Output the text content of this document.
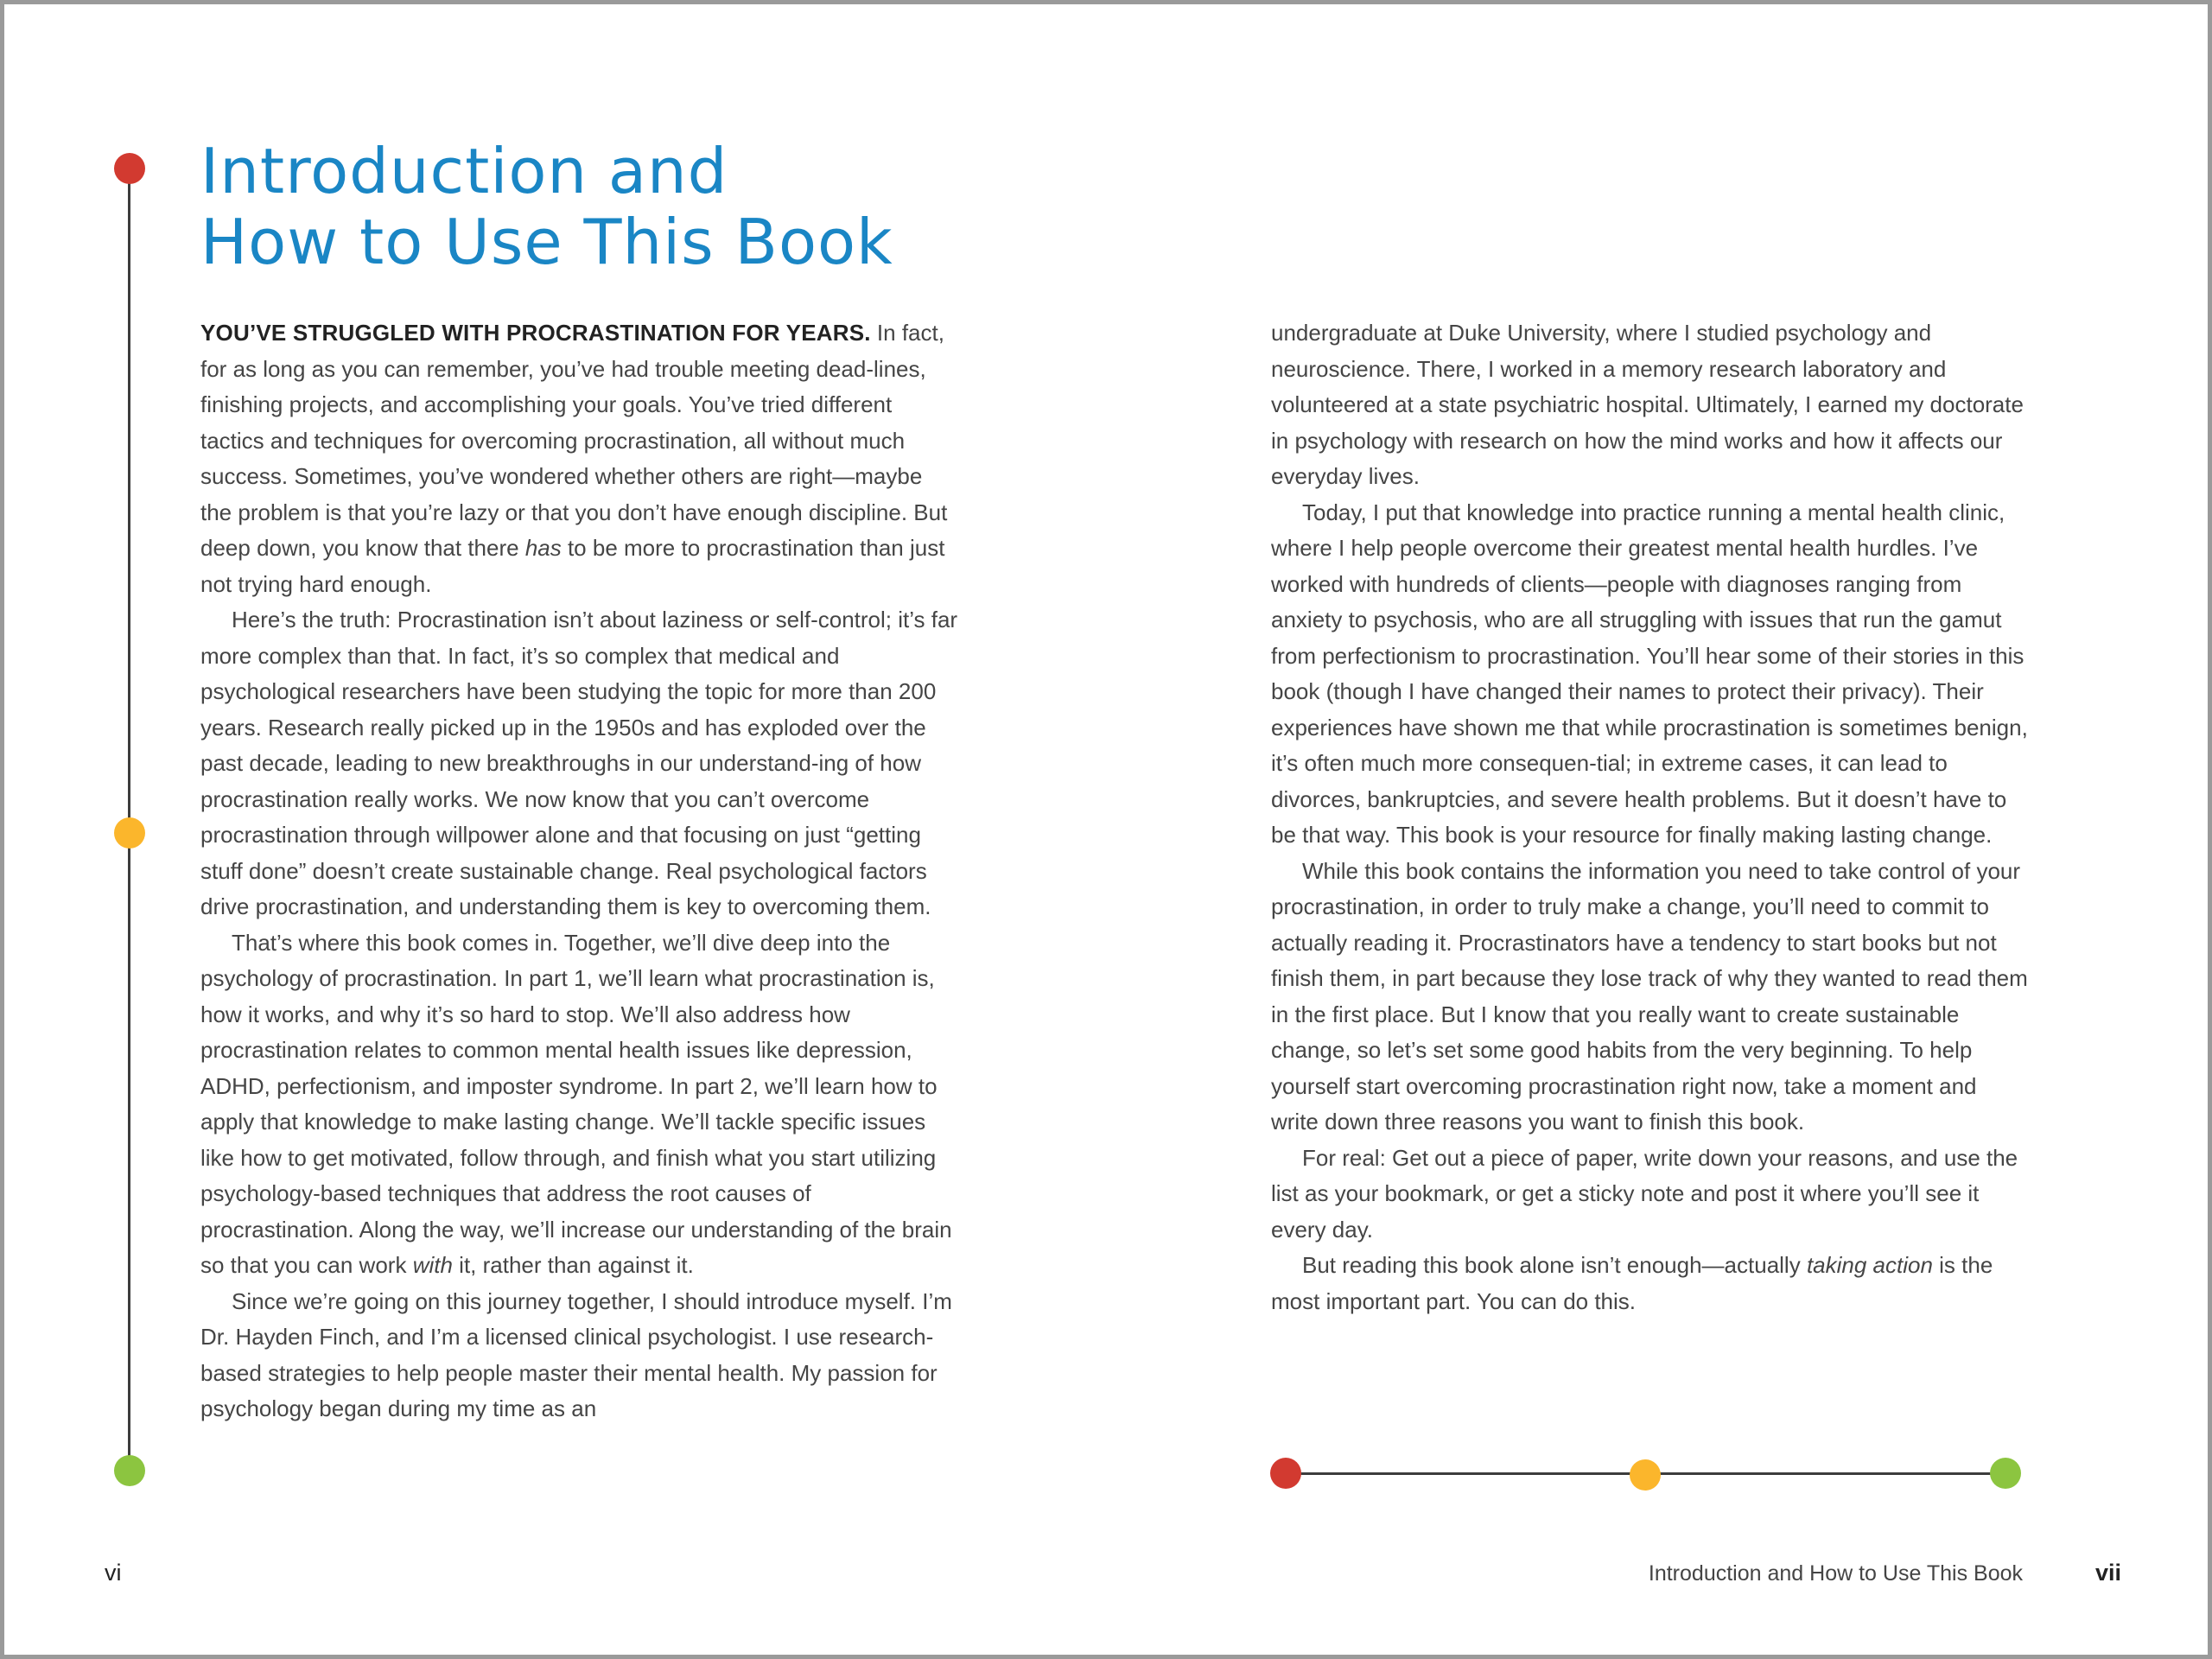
Introduction and
How to Use This Book

YOU’VE STRUGGLED WITH PROCRASTINATION FOR YEARS. In fact, for as long as you can remember, you’ve had trouble meeting dead-lines, finishing projects, and accomplishing your goals. You’ve tried different tactics and techniques for overcoming procrastination, all without much success. Sometimes, you’ve wondered whether others are right—maybe the problem is that you’re lazy or that you don’t have enough discipline. But deep down, you know that there has to be more to procrastination than just not trying hard enough.

Here’s the truth: Procrastination isn’t about laziness or self-control; it’s far more complex than that. In fact, it’s so complex that medical and psychological researchers have been studying the topic for more than 200 years. Research really picked up in the 1950s and has exploded over the past decade, leading to new breakthroughs in our understand-ing of how procrastination really works. We now know that you can’t overcome procrastination through willpower alone and that focusing on just “getting stuff done” doesn’t create sustainable change. Real psychological factors drive procrastination, and understanding them is key to overcoming them.

That’s where this book comes in. Together, we’ll dive deep into the psychology of procrastination. In part 1, we’ll learn what procrastination is, how it works, and why it’s so hard to stop. We’ll also address how procrastination relates to common mental health issues like depression, ADHD, perfectionism, and imposter syndrome. In part 2, we’ll learn how to apply that knowledge to make lasting change. We’ll tackle specific issues like how to get motivated, follow through, and finish what you start utilizing psychology-based techniques that address the root causes of procrastination. Along the way, we’ll increase our understanding of the brain so that you can work with it, rather than against it.

Since we’re going on this journey together, I should introduce myself. I’m Dr. Hayden Finch, and I’m a licensed clinical psychologist. I use research-based strategies to help people master their mental health. My passion for psychology began during my time as an

undergraduate at Duke University, where I studied psychology and neuroscience. There, I worked in a memory research laboratory and volunteered at a state psychiatric hospital. Ultimately, I earned my doctorate in psychology with research on how the mind works and how it affects our everyday lives.

Today, I put that knowledge into practice running a mental health clinic, where I help people overcome their greatest mental health hurdles. I’ve worked with hundreds of clients—people with diagnoses ranging from anxiety to psychosis, who are all struggling with issues that run the gamut from perfectionism to procrastination. You’ll hear some of their stories in this book (though I have changed their names to protect their privacy). Their experiences have shown me that while procrastination is sometimes benign, it’s often much more consequen-tial; in extreme cases, it can lead to divorces, bankruptcies, and severe health problems. But it doesn’t have to be that way. This book is your resource for finally making lasting change.

While this book contains the information you need to take control of your procrastination, in order to truly make a change, you’ll need to commit to actually reading it. Procrastinators have a tendency to start books but not finish them, in part because they lose track of why they wanted to read them in the first place. But I know that you really want to create sustainable change, so let’s set some good habits from the very beginning. To help yourself start overcoming procrastination right now, take a moment and write down three reasons you want to finish this book.

For real: Get out a piece of paper, write down your reasons, and use the list as your bookmark, or get a sticky note and post it where you’ll see it every day.

But reading this book alone isn’t enough—actually taking action is the most important part. You can do this.

vi	Introduction and How to Use This Book	vii
